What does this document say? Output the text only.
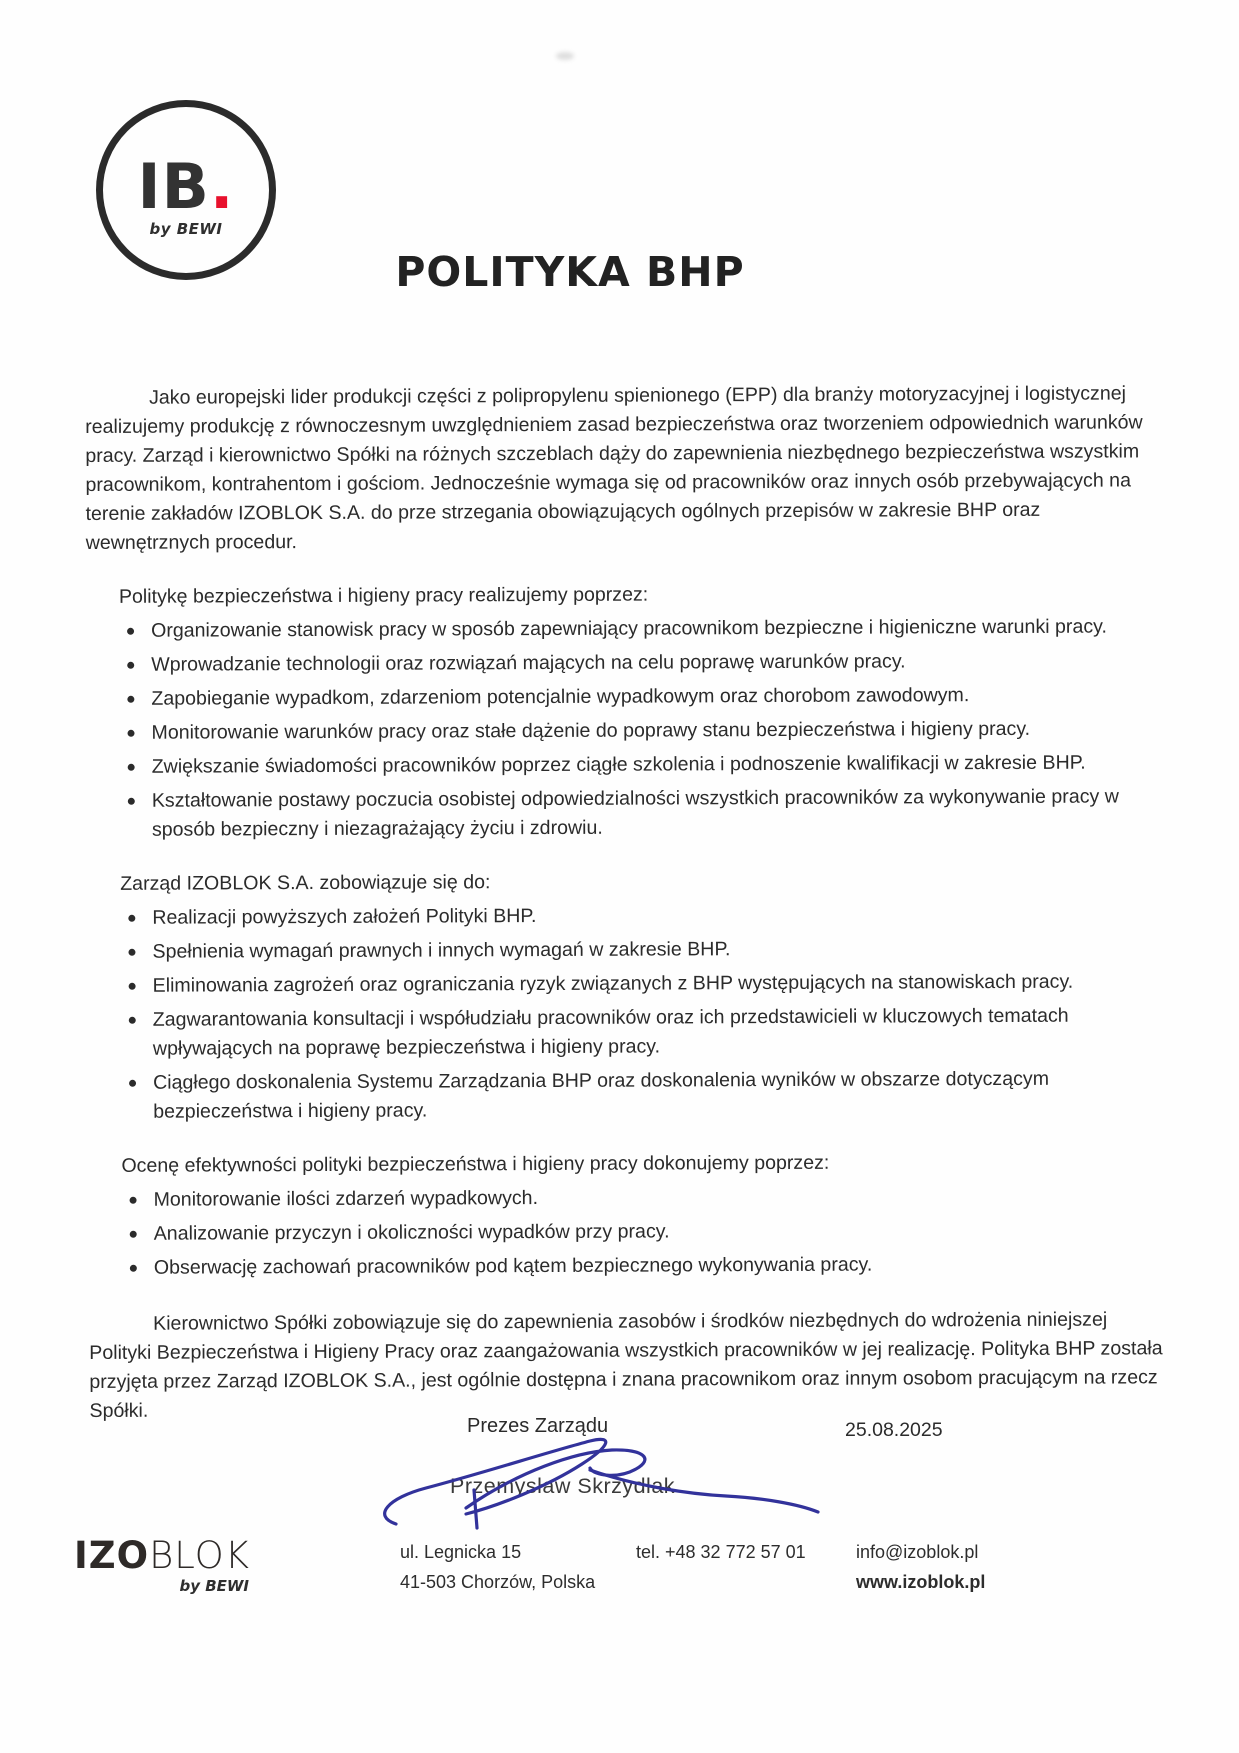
IB.
by BEWI
POLITYKA BHP

Jako europejski lider produkcji części z polipropylenu spienionego (EPP) dla branży motoryzacyjnej i logistycznej realizujemy produkcję z równoczesnym uwzględnieniem zasad bezpieczeństwa oraz tworzeniem odpowiednich warunków pracy. Zarząd i kierownictwo Spółki na różnych szczeblach dąży do zapewnienia niezbędnego bezpieczeństwa wszystkim pracownikom, kontrahentom i gościom. Jednocześnie wymaga się od pracowników oraz innych osób przebywających na terenie zakładów IZOBLOK S.A. do prze strzegania obowiązujących ogólnych przepisów w zakresie BHP oraz wewnętrznych procedur.

Politykę bezpieczeństwa i higieny pracy realizujemy poprzez:

Organizowanie stanowisk pracy w sposób zapewniający pracownikom bezpieczne i higieniczne warunki pracy.
Wprowadzanie technologii oraz rozwiązań mających na celu poprawę warunków pracy.
Zapobieganie wypadkom, zdarzeniom potencjalnie wypadkowym oraz chorobom zawodowym.
Monitorowanie warunków pracy oraz stałe dążenie do poprawy stanu bezpieczeństwa i higieny pracy.
Zwiększanie świadomości pracowników poprzez ciągłe szkolenia i podnoszenie kwalifikacji w zakresie BHP.
Kształtowanie postawy poczucia osobistej odpowiedzialności wszystkich pracowników za wykonywanie pracy w sposób bezpieczny i niezagrażający życiu i zdrowiu.

Zarząd IZOBLOK S.A. zobowiązuje się do:

Realizacji powyższych założeń Polityki BHP.
Spełnienia wymagań prawnych i innych wymagań w zakresie BHP.
Eliminowania zagrożeń oraz ograniczania ryzyk związanych z BHP występujących na stanowiskach pracy.
Zagwarantowania konsultacji i współudziału pracowników oraz ich przedstawicieli w kluczowych tematach wpływających na poprawę bezpieczeństwa i higieny pracy.
Ciągłego doskonalenia Systemu Zarządzania BHP oraz doskonalenia wyników w obszarze dotyczącym bezpieczeństwa i higieny pracy.

Ocenę efektywności polityki bezpieczeństwa i higieny pracy dokonujemy poprzez:

Monitorowanie ilości zdarzeń wypadkowych.
Analizowanie przyczyn i okoliczności wypadków przy pracy.
Obserwację zachowań pracowników pod kątem bezpiecznego wykonywania pracy.

Kierownictwo Spółki zobowiązuje się do zapewnienia zasobów i środków niezbędnych do wdrożenia niniejszej Polityki Bezpieczeństwa i Higieny Pracy oraz zaangażowania wszystkich pracowników w jej realizację. Polityka BHP została przyjęta przez Zarząd IZOBLOK S.A., jest ogólnie dostępna i znana pracownikom oraz innym osobom pracującym na rzecz Spółki.

Prezes Zarządu	25.08.2025
Przemysław Skrzydlak
IZOBLOK
by BEWI
ul. Legnicka 15
41-503 Chorzów, Polska
tel. +48 32 772 57 01	info@izoblok.pl
www.izoblok.pl
